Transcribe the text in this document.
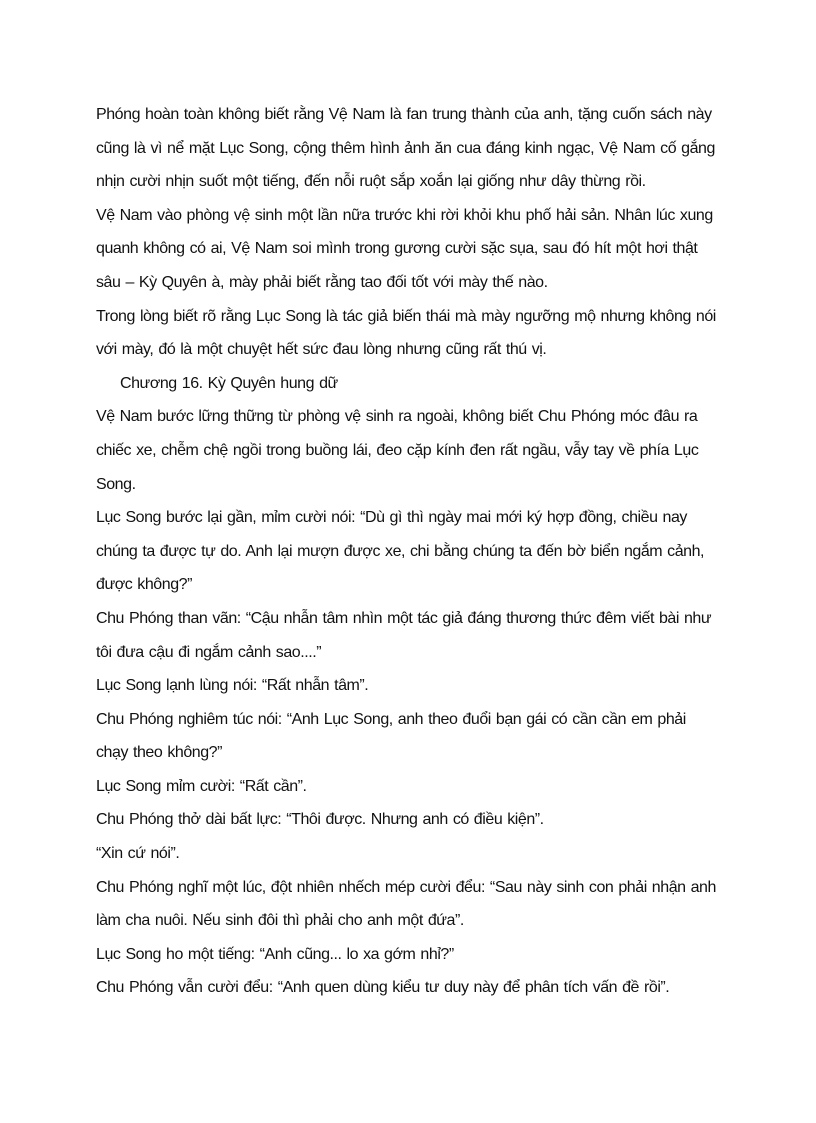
Phóng hoàn toàn không biết rằng Vệ Nam là fan trung thành của anh, tặng cuốn sách này cũng là vì nể mặt Lục Song, cộng thêm hình ảnh ăn cua đáng kinh ngạc, Vệ Nam cố gắng nhịn cười nhịn suốt một tiếng, đến nỗi ruột sắp xoắn lại giống như dây thừng rồi.

Vệ Nam vào phòng vệ sinh một lần nữa trước khi rời khỏi khu phố hải sản. Nhân lúc xung quanh không có ai, Vệ Nam soi mình trong gương cười sặc sụa, sau đó hít một hơi thật sâu – Kỳ Quyên à, mày phải biết rằng tao đối tốt với mày thế nào.

Trong lòng biết rõ rằng Lục Song là tác giả biến thái mà mày ngưỡng mộ nhưng không nói với mày, đó là một chuyệt hết sức đau lòng nhưng cũng rất thú vị.

Chương 16. Kỳ Quyên hung dữ

Vệ Nam bước lững thững từ phòng vệ sinh ra ngoài, không biết Chu Phóng móc đâu ra chiếc xe, chễm chệ ngồi trong buồng lái, đeo cặp kính đen rất ngầu, vẫy tay về phía Lục Song.

Lục Song bước lại gần, mỉm cười nói: “Dù gì thì ngày mai mới ký hợp đồng, chiều nay chúng ta được tự do. Anh lại mượn được xe, chi bằng chúng ta đến bờ biển ngắm cảnh, được không?”

Chu Phóng than vãn: “Cậu nhẫn tâm nhìn một tác giả đáng thương thức đêm viết bài như tôi đưa cậu đi ngắm cảnh sao....”

Lục Song lạnh lùng nói: “Rất nhẫn tâm”.

Chu Phóng nghiêm túc nói: “Anh Lục Song, anh theo đuổi bạn gái có cần cần em phải chạy theo không?”

Lục Song mỉm cười: “Rất cần”.

Chu Phóng thở dài bất lực: “Thôi được. Nhưng anh có điều kiện”.

“Xin cứ nói”.

Chu Phóng nghĩ một lúc, đột nhiên nhếch mép cười đểu: “Sau này sinh con phải nhận anh làm cha nuôi. Nếu sinh đôi thì phải cho anh một đứa”.

Lục Song ho một tiếng: “Anh cũng... lo xa gớm nhỉ?”

Chu Phóng vẫn cười đểu: “Anh quen dùng kiểu tư duy này để phân tích vấn đề rồi”.
